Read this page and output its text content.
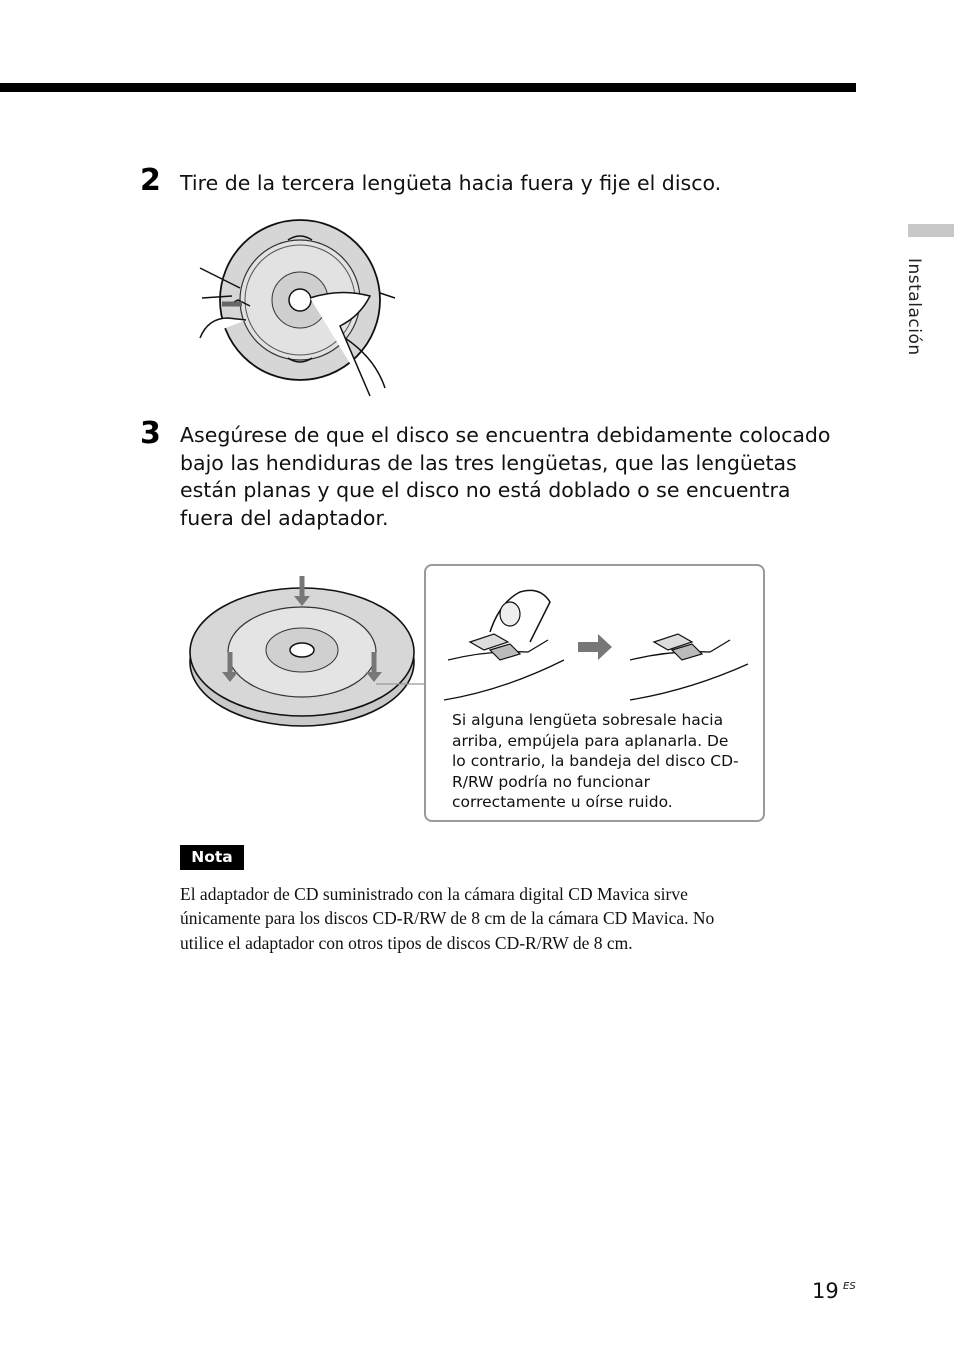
Instalación
2 Tire de la tercera lengüeta hacia fuera y fije el disco.
3 Asegúrese de que el disco se encuentra debidamente colocado
bajo las hendiduras de las tres lengüetas, que las lengüetas
están planas y que el disco no está doblado o se encuentra
fuera del adaptador.
Si alguna lengüeta sobresale hacia
arriba, empújela para aplanarla. De
lo contrario, la bandeja del disco CD-
R/RW podría no funcionar
correctamente u oírse ruido.
Nota
El adaptador de CD suministrado con la cámara digital CD Mavica sirve
únicamente para los discos CD-R/RW de 8 cm de la cámara CD Mavica. No
utilice el adaptador con otros tipos de discos CD-R/RW de 8 cm.
19 ES
